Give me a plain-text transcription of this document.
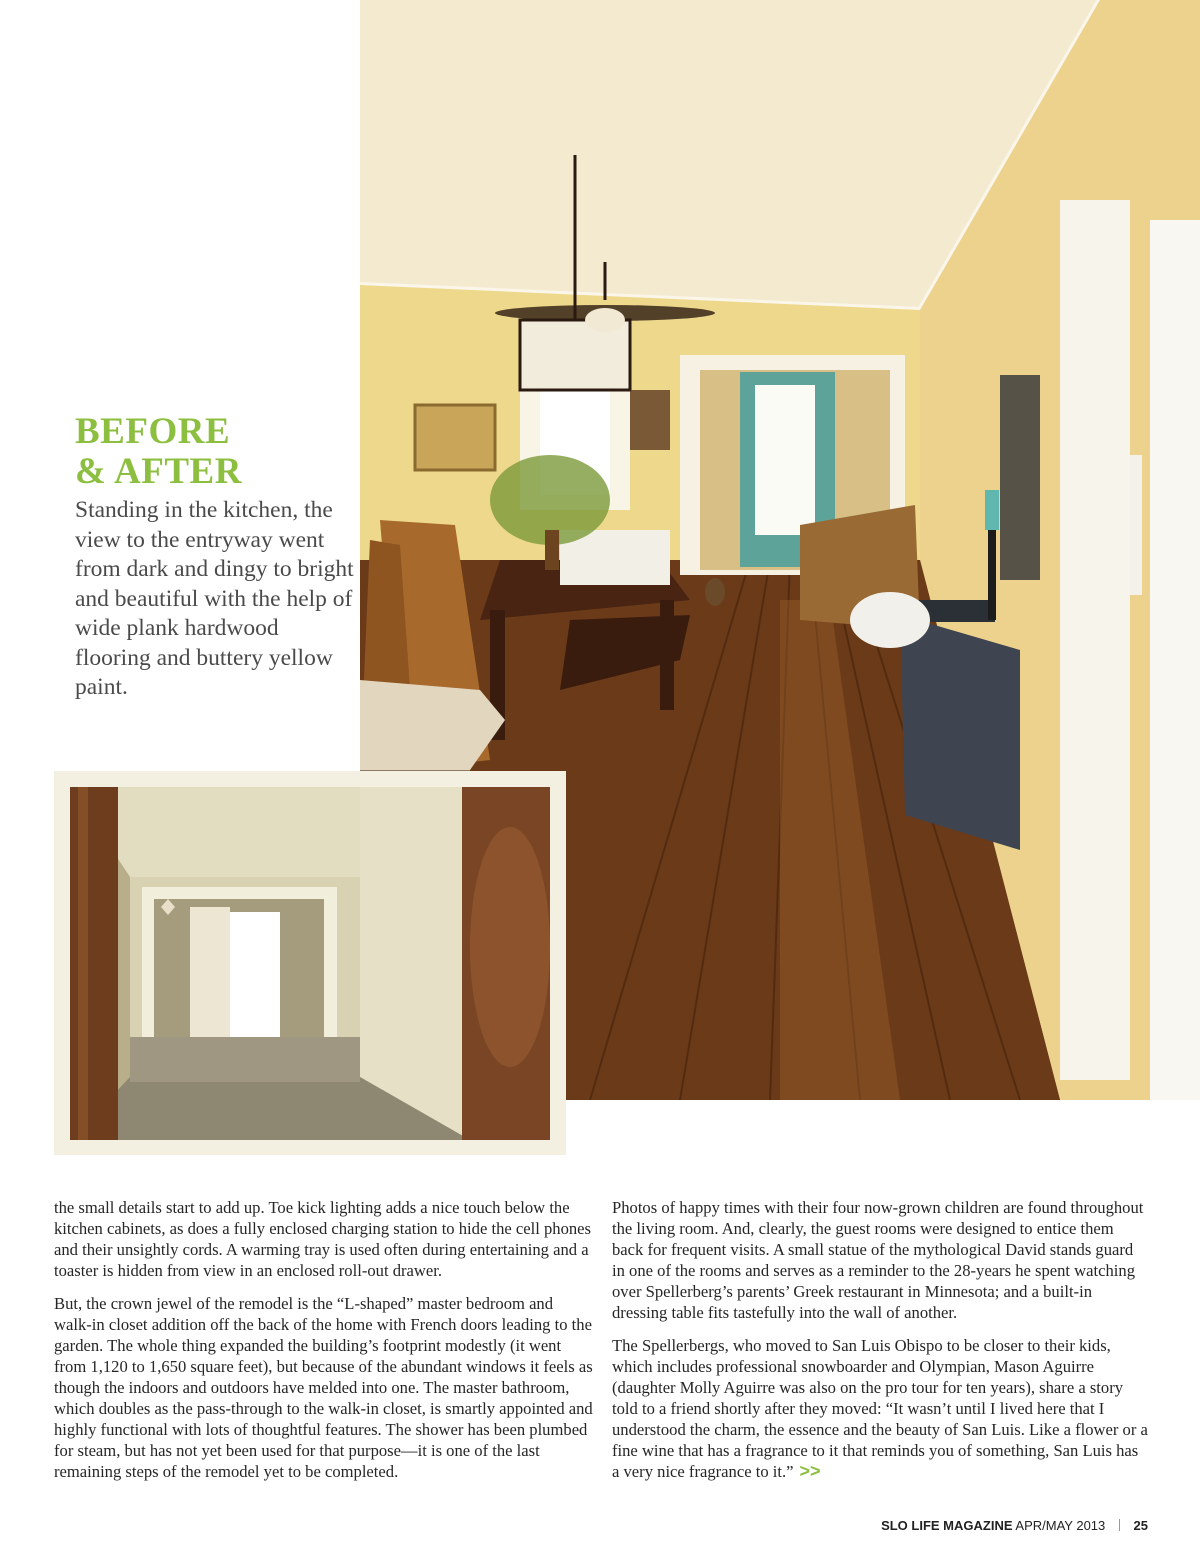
BEFORE
& AFTER
Standing in the kitchen, the view to the entryway went from dark and dingy to bright and beautiful with the help of wide plank hardwood flooring and buttery yellow paint.

the small details start to add up. Toe kick lighting adds a nice touch below the kitchen cabinets, as does a fully enclosed charging station to hide the cell phones and their unsightly cords. A warming tray is used often during entertaining and a toaster is hidden from view in an enclosed roll-out drawer.

But, the crown jewel of the remodel is the “L-shaped” master bedroom and walk-in closet addition off the back of the home with French doors leading to the garden. The whole thing expanded the building’s footprint modestly (it went from 1,120 to 1,650 square feet), but because of the abundant windows it feels as though the indoors and outdoors have melded into one. The master bathroom, which doubles as the pass-through to the walk-in closet, is smartly appointed and highly functional with lots of thoughtful features. The shower has been plumbed for steam, but has not yet been used for that purpose—it is one of the last remaining steps of the remodel yet to be completed.

Photos of happy times with their four now-grown children are found throughout the living room. And, clearly, the guest rooms were designed to entice them back for frequent visits. A small statue of the mythological David stands guard in one of the rooms and serves as a reminder to the 28-years he spent watching over Spellerberg’s parents’ Greek restaurant in Minnesota; and a built-in dressing table fits tastefully into the wall of another.

The Spellerbergs, who moved to San Luis Obispo to be closer to their kids, which includes professional snowboarder and Olympian, Mason Aguirre (daughter Molly Aguirre was also on the pro tour for ten years), share a story told to a friend shortly after they moved: “It wasn’t until I lived here that I understood the charm, the essence and the beauty of San Luis. Like a flower or a fine wine that has a fragrance to it that reminds you of something, San Luis has a very nice fragrance to it.” >>

SLO LIFE MAGAZINE APR/MAY 2013 25
